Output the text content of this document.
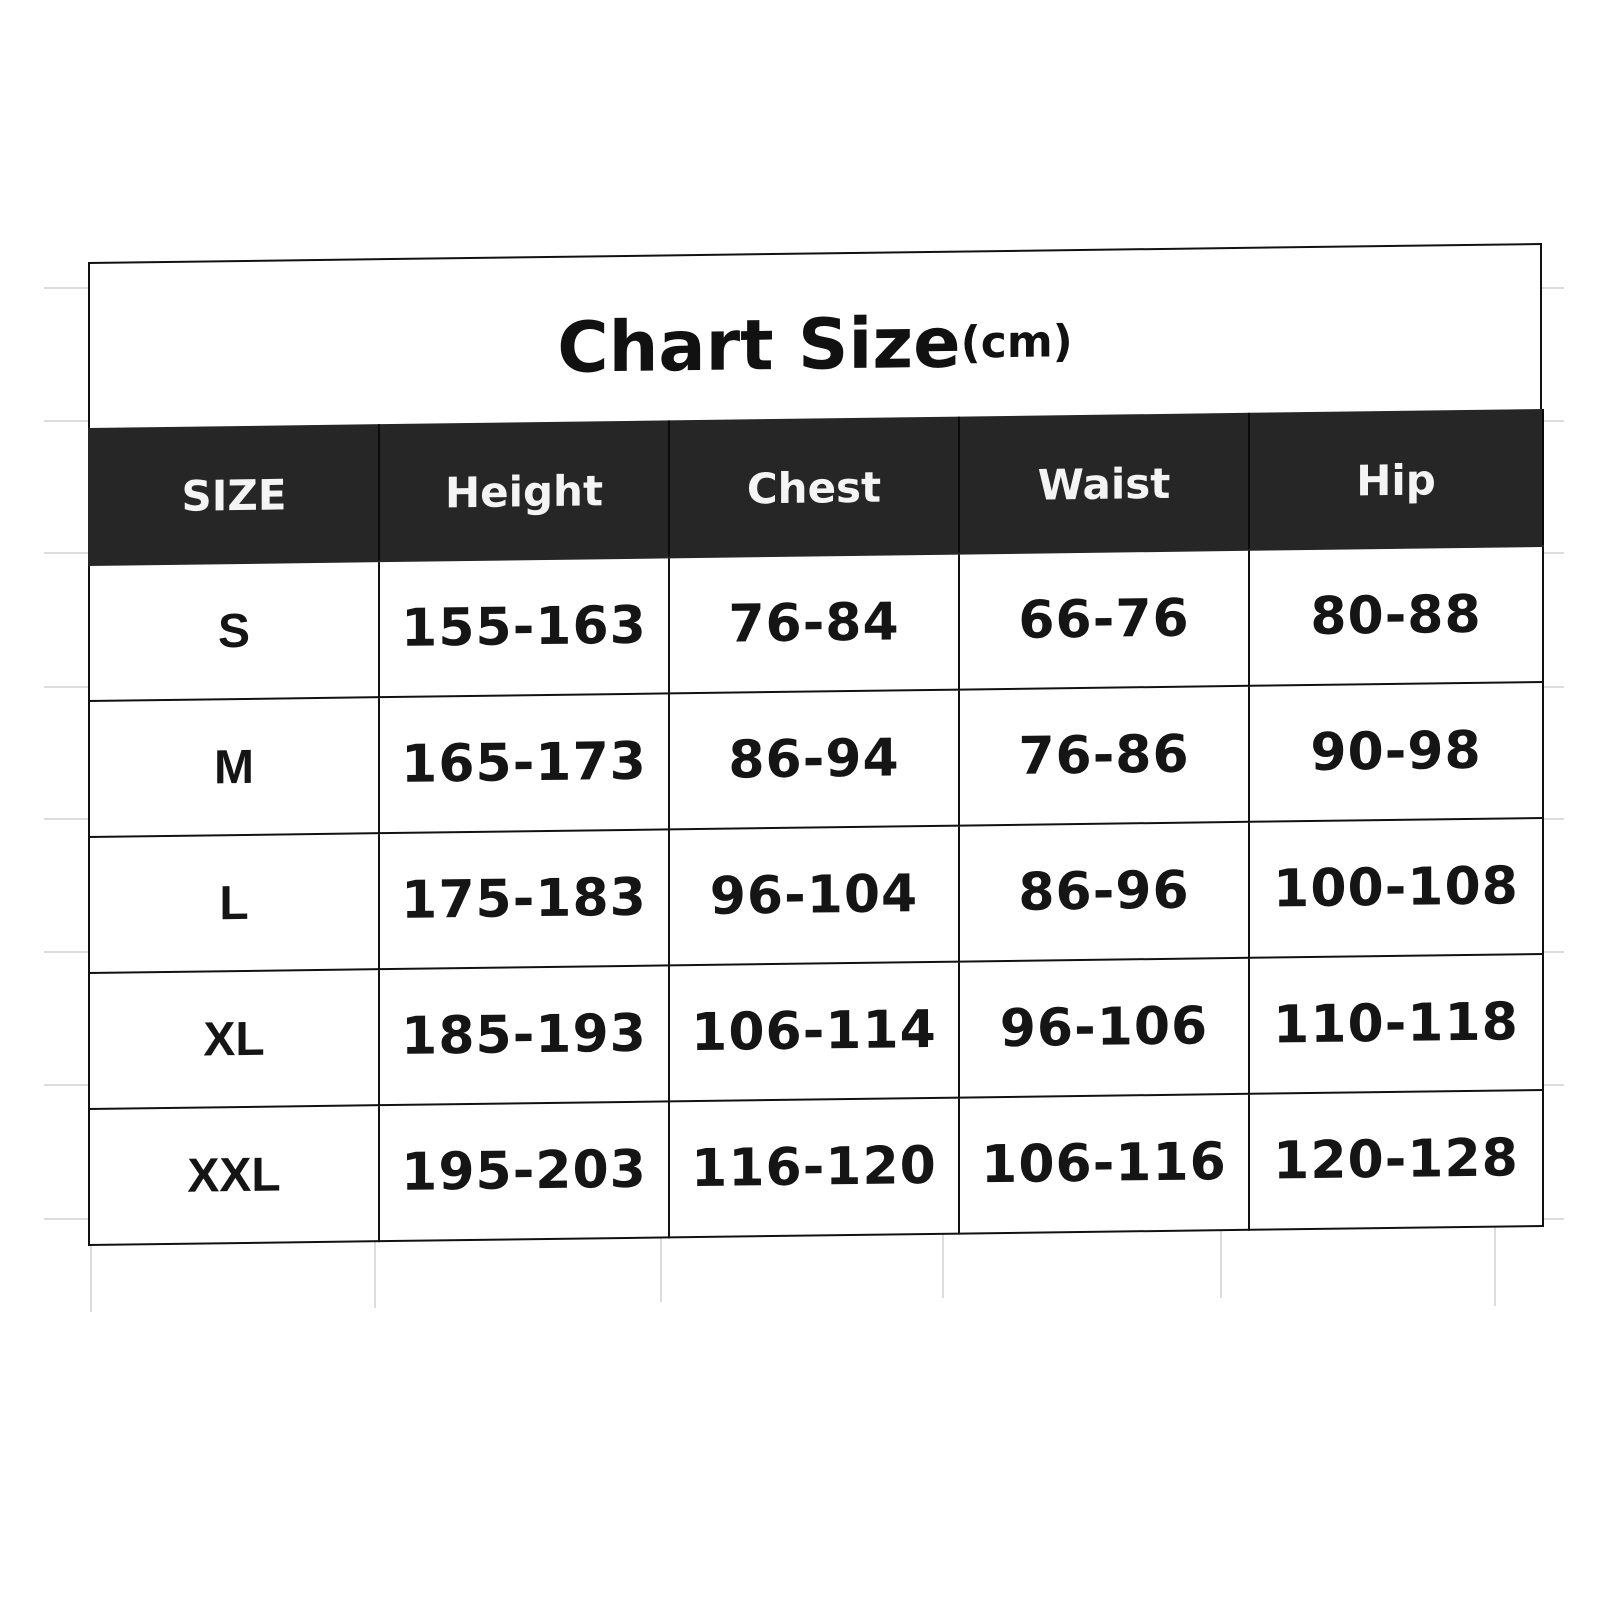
Chart Size (cm)
SIZE	Height	Chest	Waist	Hip
S	155-163	76-84	66-76	80-88
M	165-173	86-94	76-86	90-98
L	175-183	96-104	86-96	100-108
XL	185-193	106-114	96-106	110-118
XXL	195-203	116-120	106-116	120-128
